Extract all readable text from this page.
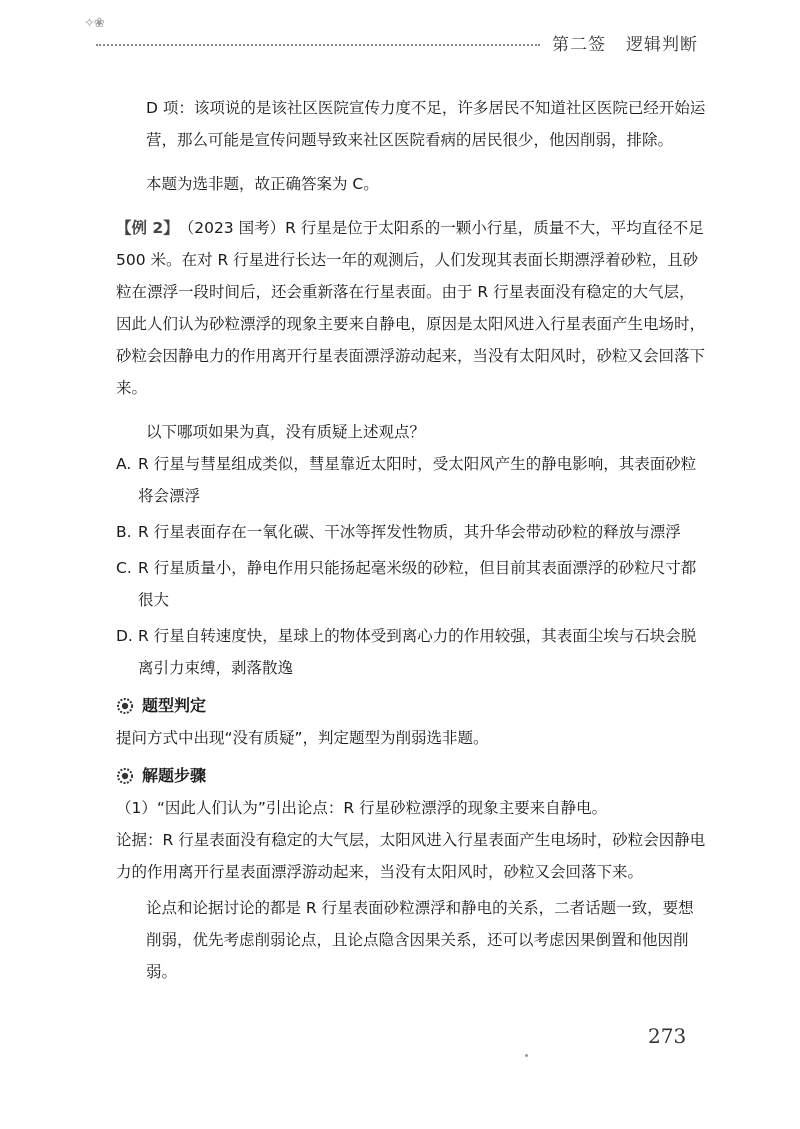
✧❀
第二签 逻辑判断

D 项：该项说的是该社区医院宣传力度不足，许多居民不知道社区医院已经开始运营，那么可能是宣传问题导致来社区医院看病的居民很少，他因削弱，排除。

本题为选非题，故正确答案为 C。

【例 2】（2023 国考）R 行星是位于太阳系的一颗小行星，质量不大，平均直径不足 500 米。在对 R 行星进行长达一年的观测后，人们发现其表面长期漂浮着砂粒，且砂粒在漂浮一段时间后，还会重新落在行星表面。由于 R 行星表面没有稳定的大气层，因此人们认为砂粒漂浮的现象主要来自静电，原因是太阳风进入行星表面产生电场时，砂粒会因静电力的作用离开行星表面漂浮游动起来，当没有太阳风时，砂粒又会回落下来。

以下哪项如果为真，没有质疑上述观点？

A. R 行星与彗星组成类似，彗星靠近太阳时，受太阳风产生的静电影响，其表面砂粒将会漂浮
B. R 行星表面存在一氧化碳、干冰等挥发性物质，其升华会带动砂粒的释放与漂浮
C. R 行星质量小，静电作用只能扬起毫米级的砂粒，但目前其表面漂浮的砂粒尺寸都很大
D. R 行星自转速度快，星球上的物体受到离心力的作用较强，其表面尘埃与石块会脱离引力束缚，剥落散逸
题型判定

提问方式中出现“没有质疑”，判定题型为削弱选非题。

解题步骤

（1）“因此人们认为”引出论点：R 行星砂粒漂浮的现象主要来自静电。

论据：R 行星表面没有稳定的大气层，太阳风进入行星表面产生电场时，砂粒会因静电力的作用离开行星表面漂浮游动起来，当没有太阳风时，砂粒又会回落下来。

论点和论据讨论的都是 R 行星表面砂粒漂浮和静电的关系，二者话题一致，要想削弱，优先考虑削弱论点，且论点隐含因果关系，还可以考虑因果倒置和他因削弱。

273
